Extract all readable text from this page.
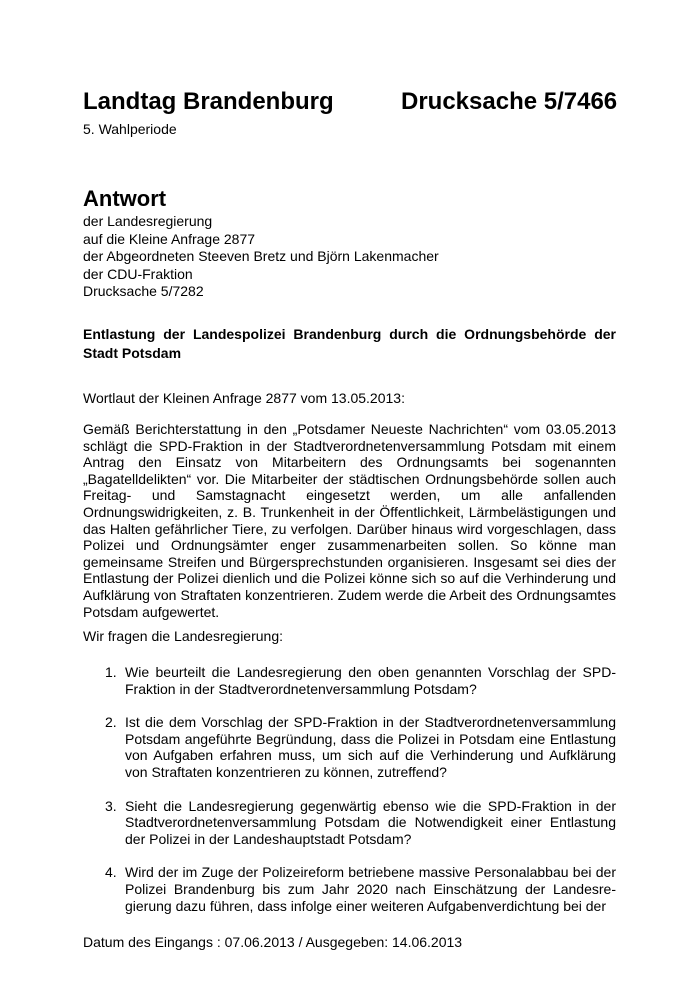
Landtag Brandenburg	Drucksache 5/7466
5. Wahlperiode
Antwort
der Landesregierung
auf die Kleine Anfrage 2877
der Abgeordneten Steeven Bretz und Björn Lakenmacher
der CDU-Fraktion
Drucksache 5/7282
Entlastung der Landespolizei Brandenburg durch die Ordnungsbehörde der Stadt Potsdam
Wortlaut der Kleinen Anfrage 2877 vom 13.05.2013:
Gemäß Berichterstattung in den „Potsdamer Neueste Nachrichten“ vom 03.05.2013 schlägt die SPD-Fraktion in der Stadtverordnetenversammlung Potsdam mit einem Antrag den Einsatz von Mitarbeitern des Ordnungsamts bei sogenannten „Bagatelldelikten“ vor. Die Mitarbeiter der städtischen Ordnungsbehörde sollen auch Freitag- und Samstagnacht eingesetzt werden, um alle anfallenden Ordnungswidrigkeiten, z. B. Trunkenheit in der Öffentlichkeit, Lärmbelästigungen und das Halten gefährlicher Tiere, zu verfolgen. Darüber hinaus wird vorgeschlagen, dass Polizei und Ordnungsämter enger zusammenarbeiten sollen. So könne man gemeinsame Streifen und Bürgersprechstunden organisieren. Insgesamt sei dies der Entlastung der Polizei dienlich und die Polizei könne sich so auf die Verhinderung und Aufklärung von Straftaten konzentrieren. Zudem werde die Arbeit des Ordnungsamtes Potsdam aufgewertet.
Wir fragen die Landesregierung:
1. Wie beurteilt die Landesregierung den oben genannten Vorschlag der SPD-Fraktion in der Stadtverordnetenversammlung Potsdam?
2. Ist die dem Vorschlag der SPD-Fraktion in der Stadtverordnetenversammlung Potsdam angeführte Begründung, dass die Polizei in Potsdam eine Entlastung von Aufgaben erfahren muss, um sich auf die Verhinderung und Aufklärung von Straftaten konzentrieren zu können, zutreffend?
3. Sieht die Landesregierung gegenwärtig ebenso wie die SPD-Fraktion in der Stadtverordnetenversammlung Potsdam die Notwendigkeit einer Entlastung der Polizei in der Landeshauptstadt Potsdam?
4. Wird der im Zuge der Polizeireform betriebene massive Personalabbau bei der Polizei Brandenburg bis zum Jahr 2020 nach Einschätzung der Landesregierung dazu führen, dass infolge einer weiteren Aufgabenverdichtung bei der
Datum des Eingangs : 07.06.2013 / Ausgegeben: 14.06.2013
